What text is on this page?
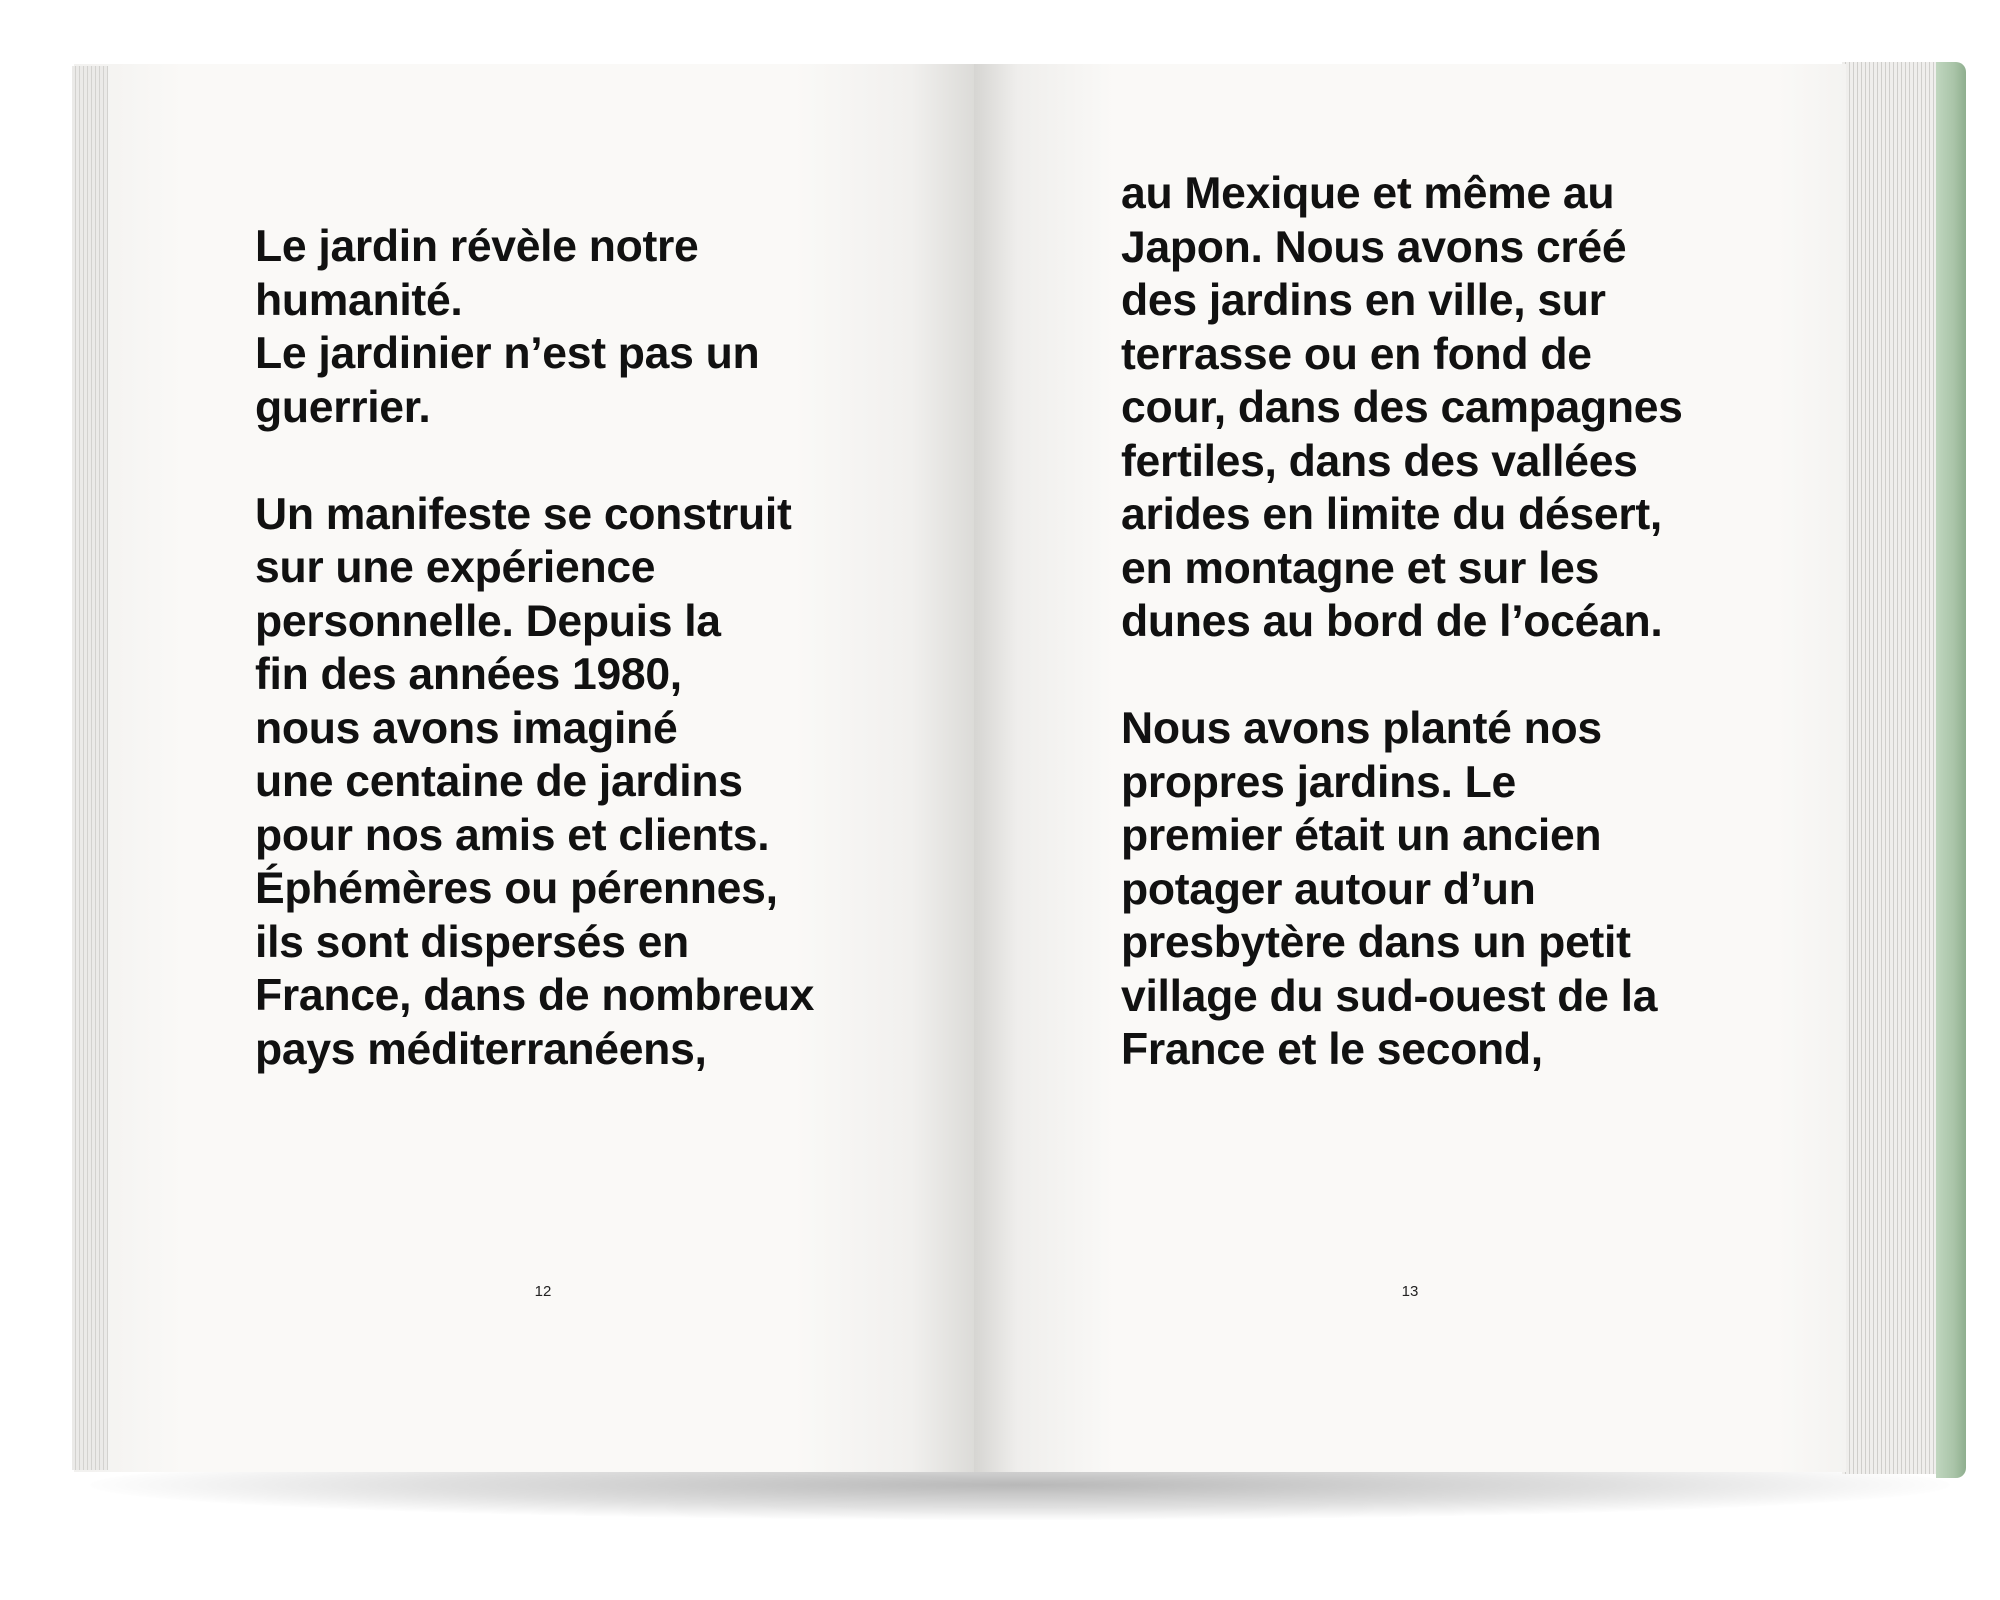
Le jardin révèle notre
humanité.
Le jardinier n’est pas un
guerrier.

Un manifeste se construit
sur une expérience
personnelle. Depuis la
fin des années 1980,
nous avons imaginé
une centaine de jardins
pour nos amis et clients.
Éphémères ou pérennes,
ils sont dispersés en
France, dans de nombreux
pays méditerranéens,

au Mexique et même au
Japon. Nous avons créé
des jardins en ville, sur
terrasse ou en fond de
cour, dans des campagnes
fertiles, dans des vallées
arides en limite du désert,
en montagne et sur les
dunes au bord de l’océan.

Nous avons planté nos
propres jardins. Le
premier était un ancien
potager autour d’un
presbytère dans un petit
village du sud-ouest de la
France et le second,

12	13
